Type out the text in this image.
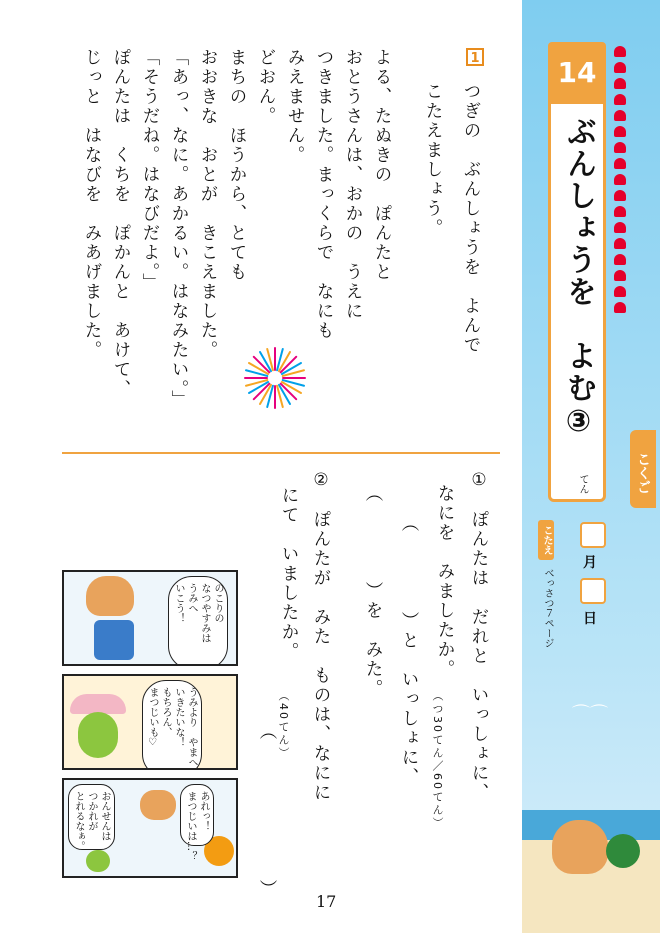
1
つぎの　ぶんしょうを　よんで
こたえましょう。
よる、たぬきの　ぽんたと
おとうさんは、おかの　うえに
つきました。まっくらで　なにも
みえません。
どおん。
まちの　ほうから、とても
おおきな　おとが　きこえました。
「あっ、なに。あかるい。はなみたい。」
「そうだね。はなびだよ。」
ぽんたは　くちを　ぽかんと　あけて、
じっと　はなびを　みあげました。
①
ぽんたは　だれと　いっしょに、
なにを　みましたか。
（つ30てん／60てん）
（　　　　）と　いっしょに、
（　　　　）を　みた。
②
ぽんたが　みた　ものは、なにに
にて　いましたか。
（40てん）
（　　　　　　　　）
のこりの
なつやすみは
うみへ
いこう！
うみより　やまへ
いきたいな！
もちろん、
まつじいも♡
おんせんは
つかれが
とれるなぁ。	あれっ！
まつじいは…？
⌒⌒
14
ぶんしょうを　よむ③
てん	こくご
こたえ
べっさつ７ページ
月
日
17
